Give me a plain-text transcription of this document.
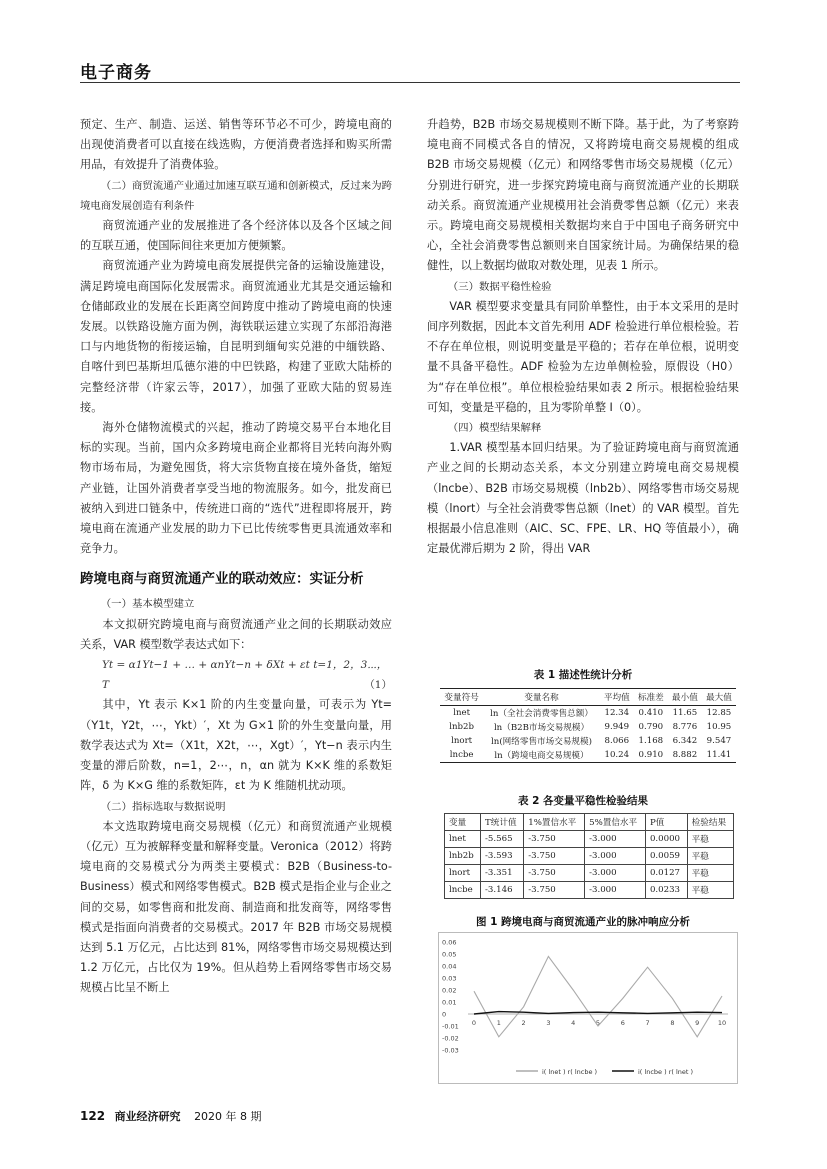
电子商务

预定、生产、制造、运送、销售等环节必不可少，跨境电商的出现使消费者可以直接在线选购，方便消费者选择和购买所需用品，有效提升了消费体验。

（二）商贸流通产业通过加速互联互通和创新模式，反过来为跨境电商发展创造有利条件

商贸流通产业的发展推进了各个经济体以及各个区域之间的互联互通，使国际间往来更加方便频繁。

商贸流通产业为跨境电商发展提供完备的运输设施建设，满足跨境电商国际化发展需求。商贸流通业尤其是交通运输和仓储邮政业的发展在长距离空间跨度中推动了跨境电商的快速发展。以铁路设施方面为例，海铁联运建立实现了东部沿海港口与内地货物的衔接运输，自昆明到缅甸实兑港的中缅铁路、自喀什到巴基斯坦瓜德尔港的中巴铁路，构建了亚欧大陆桥的完整经济带（许家云等，2017），加强了亚欧大陆的贸易连接。

海外仓储物流模式的兴起，推动了跨境交易平台本地化目标的实现。当前，国内众多跨境电商企业都将目光转向海外购物市场布局，为避免囤货，将大宗货物直接在境外备货，缩短产业链，让国外消费者享受当地的物流服务。如今，批发商已被纳入到进口链条中，传统进口商的“选代”进程即将展开，跨境电商在流通产业发展的助力下已比传统零售更具流通效率和竞争力。

跨境电商与商贸流通产业的联动效应：实证分析

（一）基本模型建立

本文拟研究跨境电商与商贸流通产业之间的长期联动效应关系，VAR 模型数学表达式如下：

Yt = α1Yt−1 + … + αnYt−n + δXt + εt t=1，2，3⋯，T	（1）

其中，Yt 表示 K×1 阶的内生变量向量，可表示为 Yt=（Y1t，Y2t，⋯，Ykt）′，Xt 为 G×1 阶的外生变量向量，用数学表达式为 Xt=（X1t，X2t，⋯，Xgt）′，Yt−n 表示内生变量的滞后阶数，n=1，2⋯，n，αn 就为 K×K 维的系数矩阵，δ 为 K×G 维的系数矩阵，εt 为 K 维随机扰动项。

（二）指标选取与数据说明

本文选取跨境电商交易规模（亿元）和商贸流通产业规模（亿元）互为被解释变量和解释变量。Veronica（2012）将跨境电商的交易模式分为两类主要模式：B2B（Business-to-Business）模式和网络零售模式。B2B 模式是指企业与企业之间的交易，如零售商和批发商、制造商和批发商等，网络零售模式是指面向消费者的交易模式。2017 年 B2B 市场交易规模达到 5.1 万亿元，占比达到 81%，网络零售市场交易规模达到 1.2 万亿元，占比仅为 19%。但从趋势上看网络零售市场交易规模占比呈不断上

升趋势，B2B 市场交易规模则不断下降。基于此，为了考察跨境电商不同模式各自的情况，又将跨境电商交易规模的组成 B2B 市场交易规模（亿元）和网络零售市场交易规模（亿元）分别进行研究，进一步探究跨境电商与商贸流通产业的长期联动关系。商贸流通产业规模用社会消费零售总额（亿元）来表示。跨境电商交易规模相关数据均来自于中国电子商务研究中心，全社会消费零售总额则来自国家统计局。为确保结果的稳健性，以上数据均做取对数处理，见表 1 所示。

（三）数据平稳性检验

VAR 模型要求变量具有同阶单整性，由于本文采用的是时间序列数据，因此本文首先利用 ADF 检验进行单位根检验。若不存在单位根，则说明变量是平稳的；若存在单位根，说明变量不具备平稳性。ADF 检验为左边单侧检验，原假设（H0）为“存在单位根”。单位根检验结果如表 2 所示。根据检验结果可知，变量是平稳的，且为零阶单整 I（0）。

（四）模型结果解释

1.VAR 模型基本回归结果。为了验证跨境电商与商贸流通产业之间的长期动态关系，本文分别建立跨境电商交易规模（lncbe）、B2B 市场交易规模（lnb2b）、网络零售市场交易规模（lnort）与全社会消费零售总额（lnet）的 VAR 模型。首先根据最小信息准则（AIC、SC、FPE、LR、HQ 等值最小），确定最优滞后期为 2 阶，得出 VAR

表 1 描述性统计分析
变量符号	变量名称	平均值	标准差	最小值	最大值
lnet	ln（全社会消费零售总额）	12.34	0.410	11.65	12.85
lnb2b	ln（B2B市场交易规模）	9.949	0.790	8.776	10.95
lnort	ln(网络零售市场交易规模)	8.066	1.168	6.342	9.547
lncbe	ln（跨境电商交易规模）	10.24	0.910	8.882	11.41
表 2 各变量平稳性检验结果
变量	T统计值	1%置信水平	5%置信水平	P值	检验结果
lnet	-5.565	-3.750	-3.000	0.0000	平稳
lnb2b	-3.593	-3.750	-3.000	0.0059	平稳
lnort	-3.351	-3.750	-3.000	0.0127	平稳
lncbe	-3.146	-3.750	-3.000	0.0233	平稳
图 1 跨境电商与商贸流通产业的脉冲响应分析
0.06
0.05
0.04
0.03
0.02
0.01
0
-0.01
-0.02
-0.03
0	1	2	3	4	5	6	7	8	9	10
i( lnet ) r( lncbe )	i( lncbe ) r( lnet )
122 商业经济研究 2020 年 8 期
